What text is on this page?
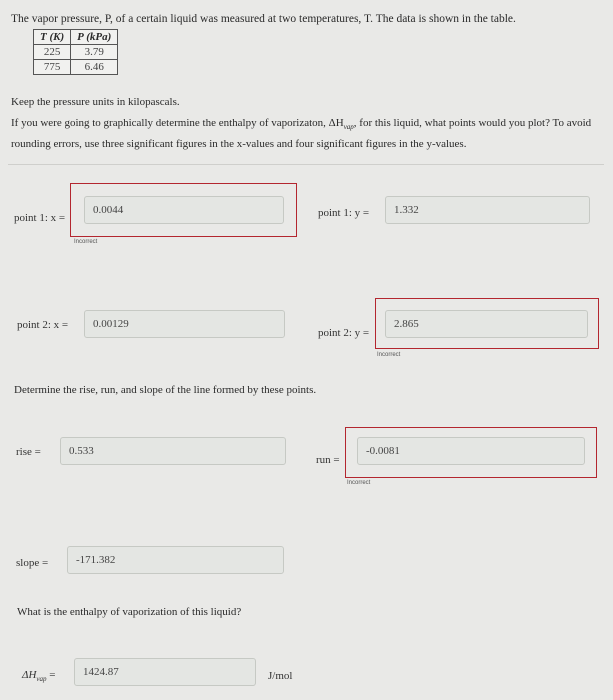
The vapor pressure, P, of a certain liquid was measured at two temperatures, T. The data is shown in the table.
T (K)	P (kPa)
225	3.79
775	6.46
Keep the pressure units in kilopascals.
If you were going to graphically determine the enthalpy of vaporizaton, $\Delta H_{vap}$, for this liquid, what points would you plot? To avoid rounding errors, use three significant figures in the x-values and four significant figures in the y-values.
point 1: x =
0.0044
Incorrect
point 1: y =	1.332
point 2: x =	0.00129
point 2: y =
2.865
Incorrect
Determine the rise, run, and slope of the line formed by these points.
rise =	0.533
run =
-0.0081
Incorrect
slope =	-171.382
What is the enthalpy of vaporization of this liquid?
$\Delta H_{vap}$ =	1424.87	J/mol
